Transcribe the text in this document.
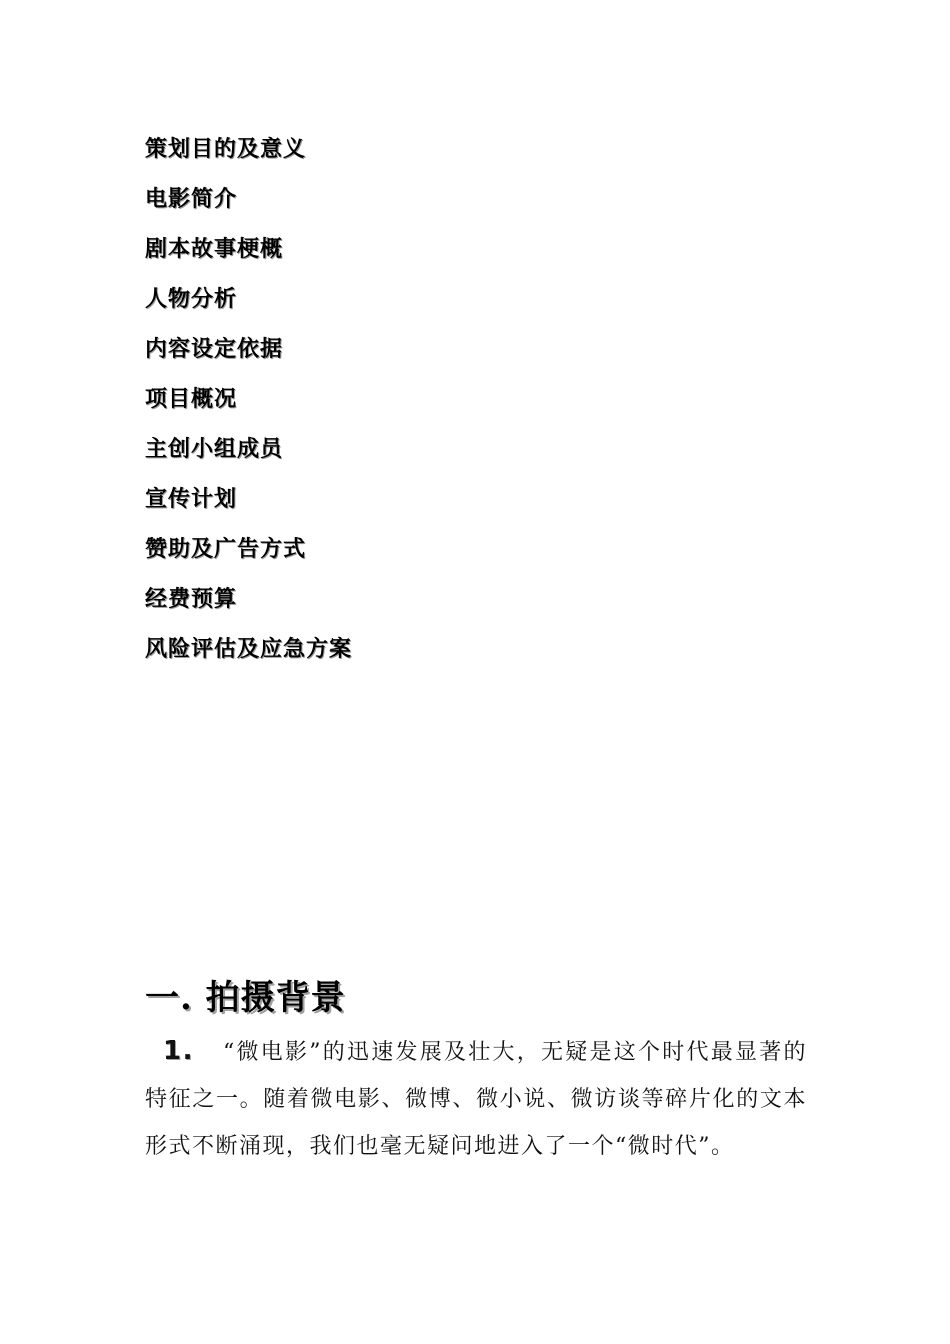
策划目的及意义
电影简介
剧本故事梗概
人物分析
内容设定依据
项目概况
主创小组成员
宣传计划
赞助及广告方式
经费预算
风险评估及应急方案
一. 拍摄背景

1. “微电影”的迅速发展及壮大，无疑是这个时代最显著的特征之一。随着微电影、微博、微小说、微访谈等碎片化的文本形式不断涌现，我们也毫无疑问地进入了一个“微时代”。
